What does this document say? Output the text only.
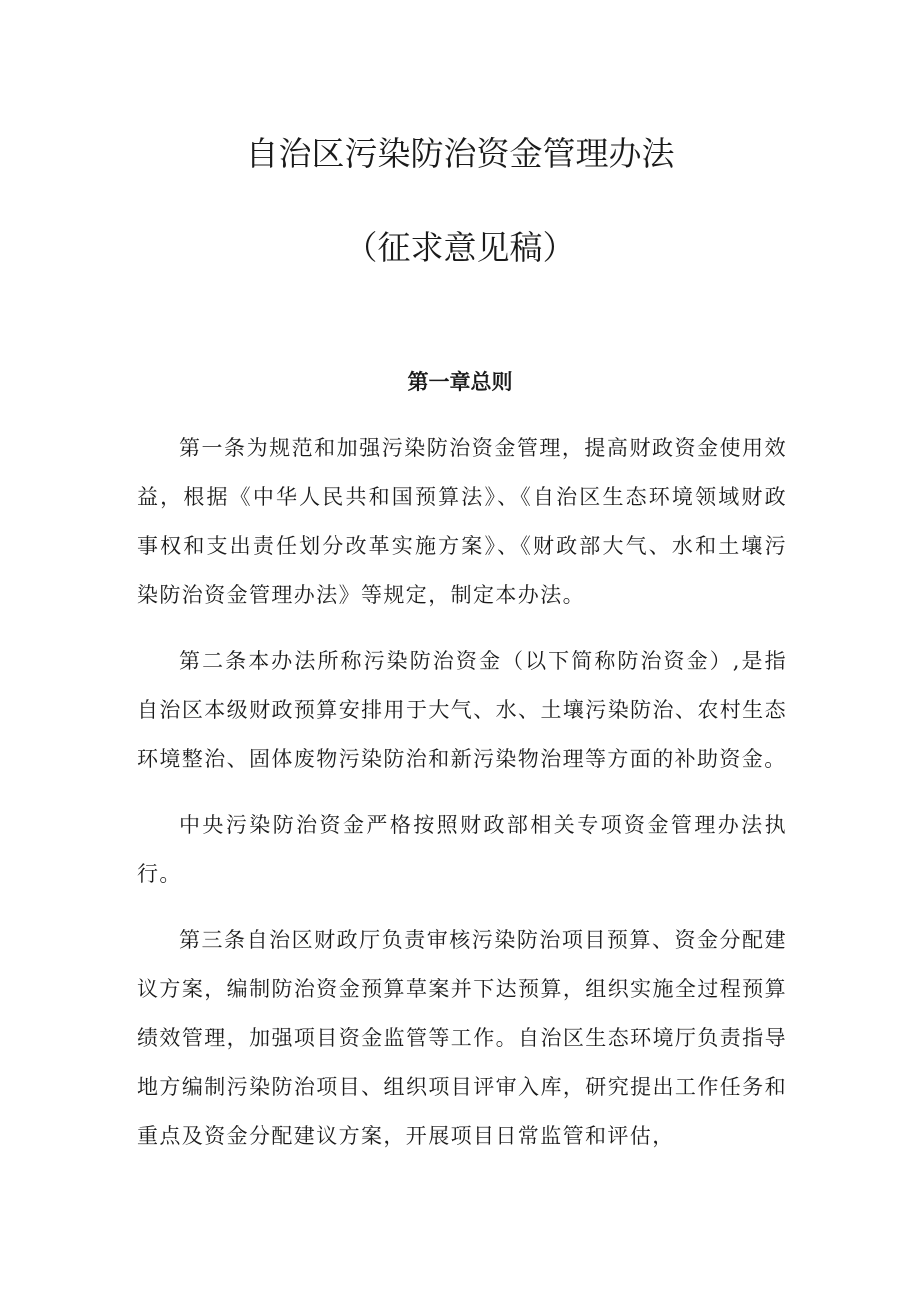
自治区污染防治资金管理办法
（征求意见稿）
第一章总则

第一条为规范和加强污染防治资金管理，提高财政资金使用效益，根据《中华人民共和国预算法》、《自治区生态环境领域财政事权和支出责任划分改革实施方案》、《财政部大气、水和土壤污染防治资金管理办法》等规定，制定本办法。

第二条本办法所称污染防治资金（以下简称防治资金）,是指自治区本级财政预算安排用于大气、水、土壤污染防治、农村生态环境整治、固体废物污染防治和新污染物治理等方面的补助资金。

中央污染防治资金严格按照财政部相关专项资金管理办法执行。

第三条自治区财政厅负责审核污染防治项目预算、资金分配建议方案，编制防治资金预算草案并下达预算，组织实施全过程预算绩效管理，加强项目资金监管等工作。自治区生态环境厅负责指导地方编制污染防治项目、组织项目评审入库，研究提出工作任务和重点及资金分配建议方案，开展项目日常监管和评估，
